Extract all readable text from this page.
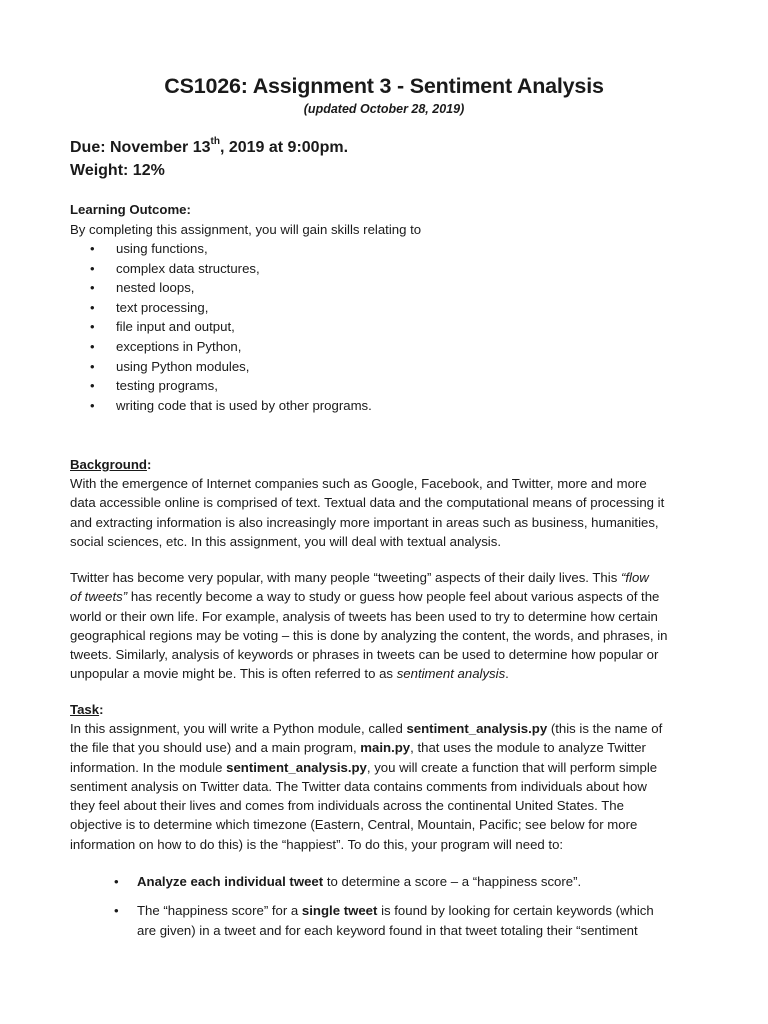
CS1026: Assignment 3 - Sentiment Analysis
(updated October 28, 2019)
Due: November 13th, 2019 at 9:00pm.
Weight: 12%
Learning Outcome:
By completing this assignment, you will gain skills relating to
• using functions,
• complex data structures,
• nested loops,
• text processing,
• file input and output,
• exceptions in Python,
• using Python modules,
• testing programs,
• writing code that is used by other programs.
Background:

With the emergence of Internet companies such as Google, Facebook, and Twitter, more and more
data accessible online is comprised of text. Textual data and the computational means of processing it
and extracting information is also increasingly more important in areas such as business, humanities,
social sciences, etc. In this assignment, you will deal with textual analysis.

Twitter has become very popular, with many people “tweeting” aspects of their daily lives. This “flow
of tweets” has recently become a way to study or guess how people feel about various aspects of the
world or their own life. For example, analysis of tweets has been used to try to determine how certain
geographical regions may be voting – this is done by analyzing the content, the words, and phrases, in
tweets. Similarly, analysis of keywords or phrases in tweets can be used to determine how popular or
unpopular a movie might be. This is often referred to as sentiment analysis.

Task:

In this assignment, you will write a Python module, called sentiment_analysis.py (this is the name of
the file that you should use) and a main program, main.py, that uses the module to analyze Twitter
information. In the module sentiment_analysis.py, you will create a function that will perform simple
sentiment analysis on Twitter data. The Twitter data contains comments from individuals about how
they feel about their lives and comes from individuals across the continental United States. The
objective is to determine which timezone (Eastern, Central, Mountain, Pacific; see below for more
information on how to do this) is the “happiest”. To do this, your program will need to:

• Analyze each individual tweet to determine a score – a “happiness score”.
• The “happiness score” for a single tweet is found by looking for certain keywords (which
are given) in a tweet and for each keyword found in that tweet totaling their “sentiment
